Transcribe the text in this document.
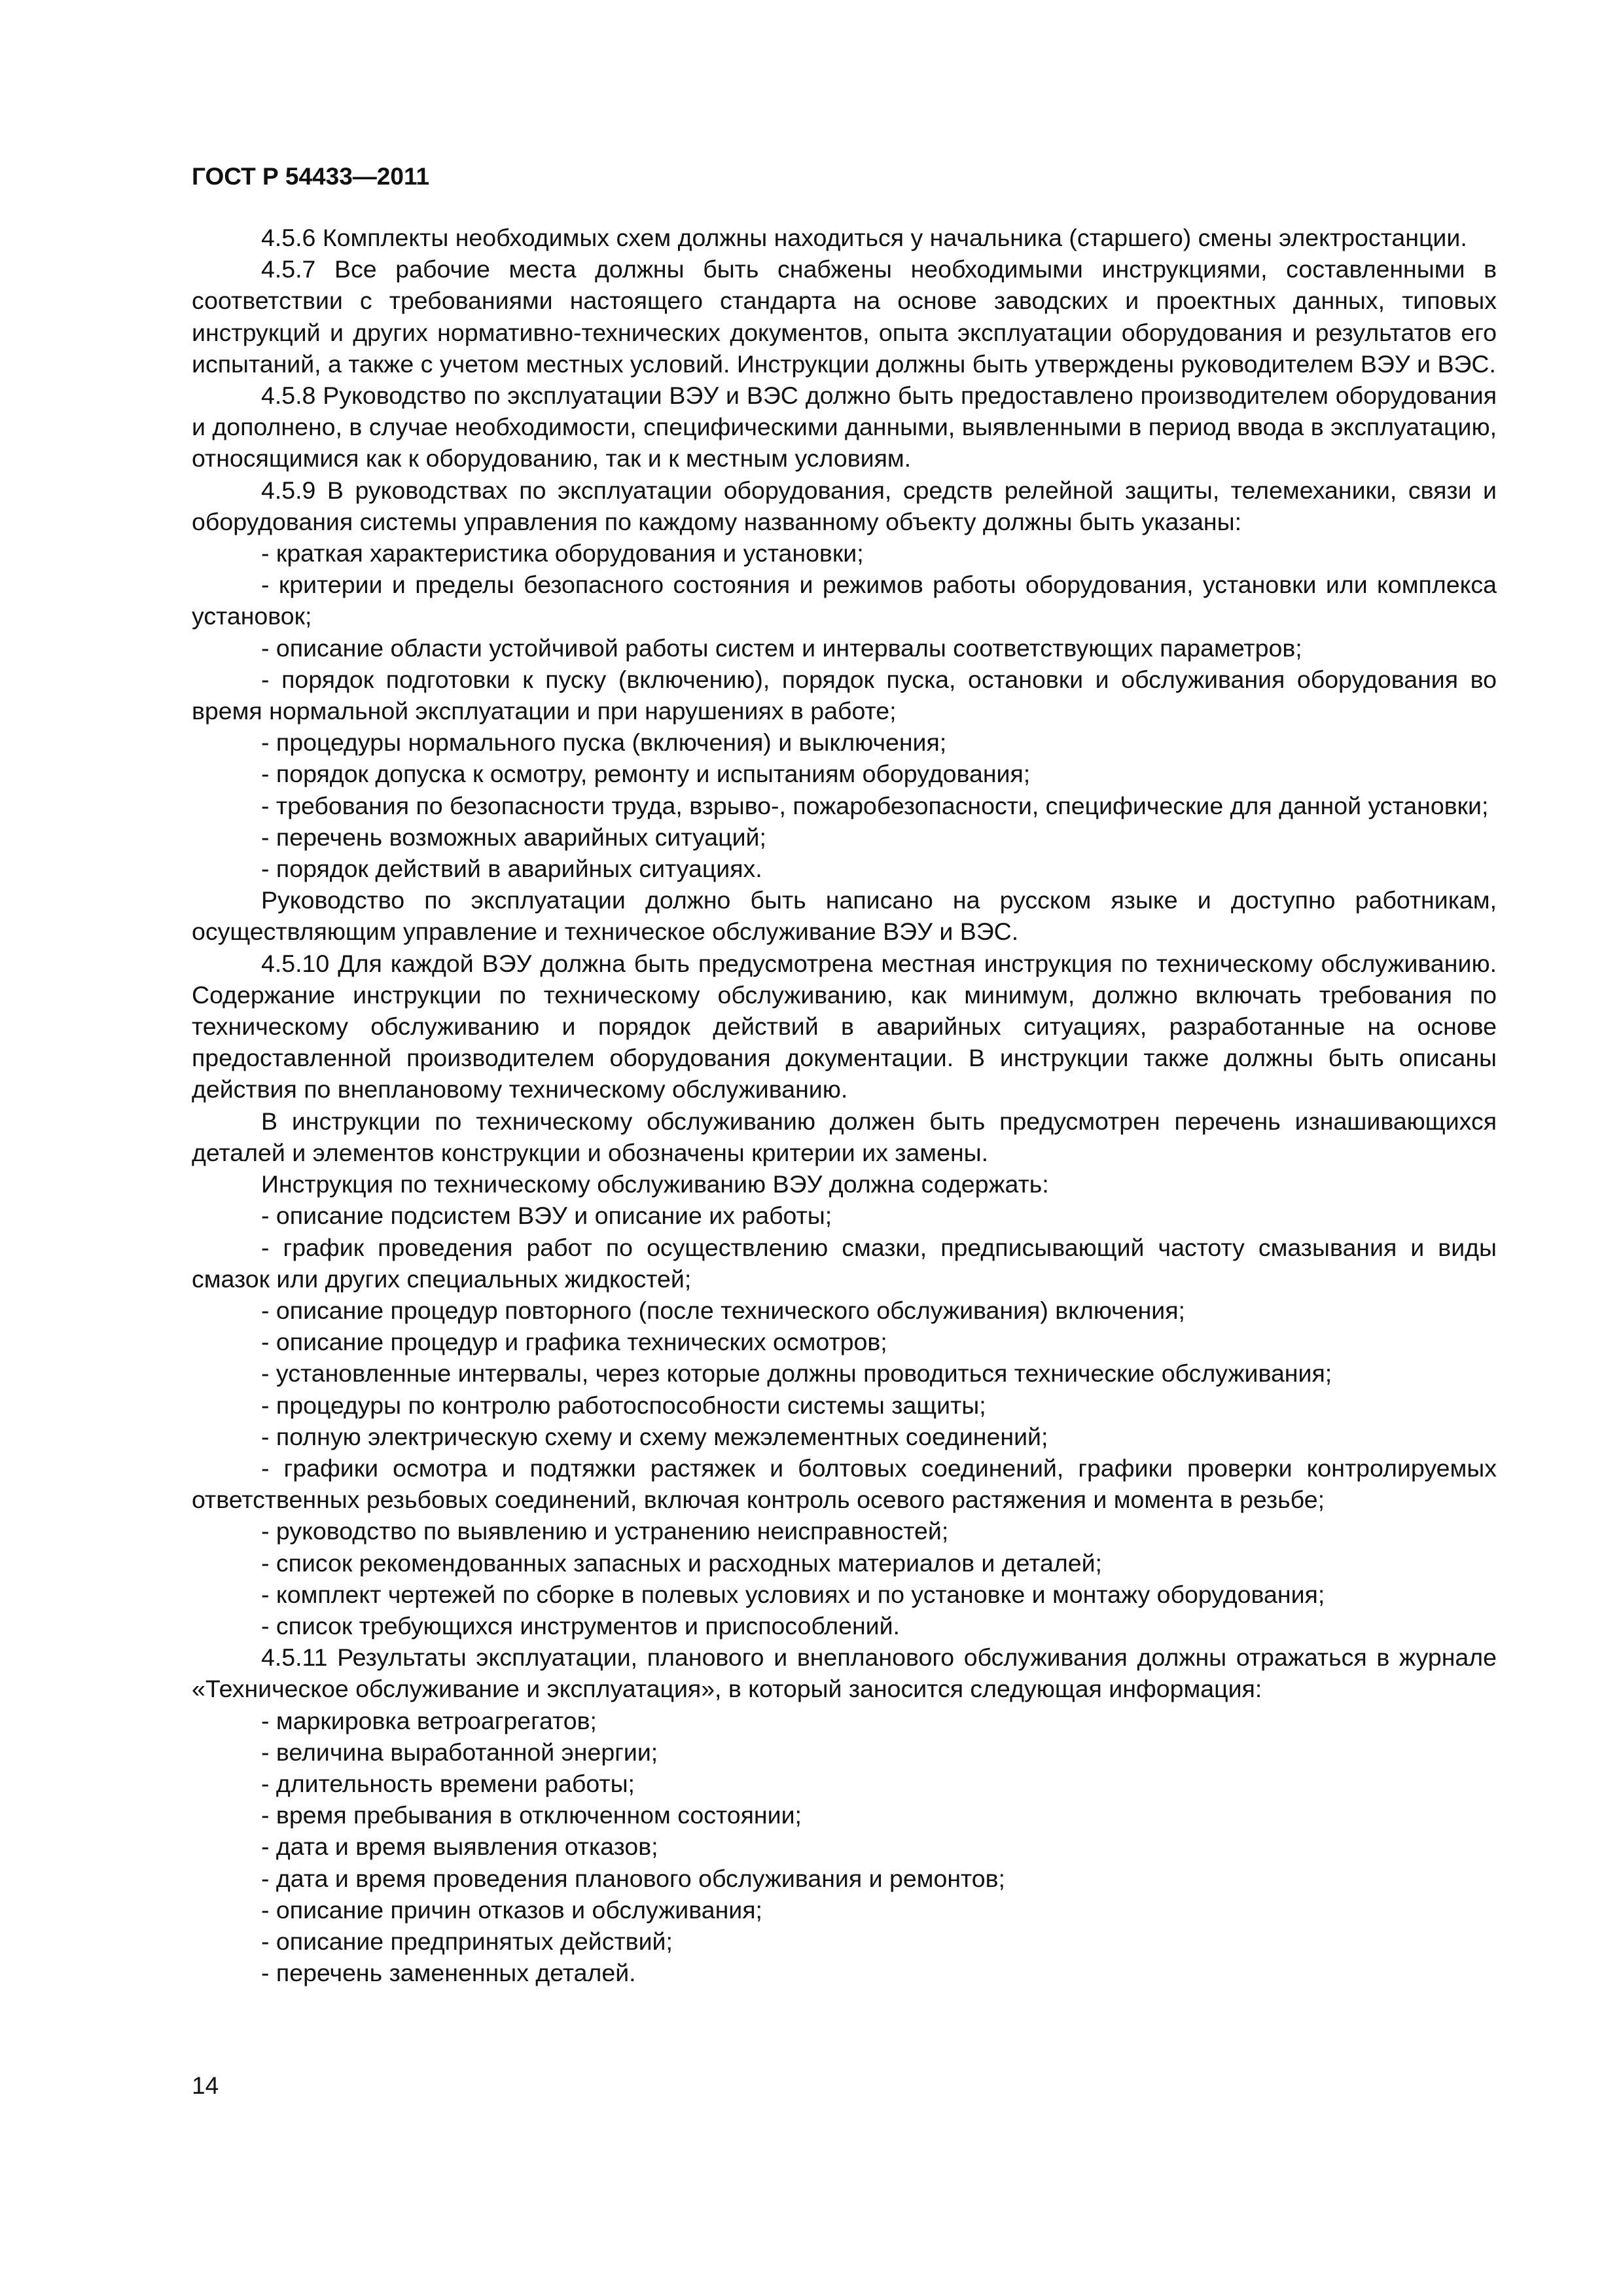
ГОСТ Р 54433—2011

4.5.6 Комплекты необходимых схем должны находиться у начальника (старшего) смены электростанции.

4.5.7 Все рабочие места должны быть снабжены необходимыми инструкциями, составленными в соответствии с требованиями настоящего стандарта на основе заводских и проектных данных, типовых инструкций и других нормативно-технических документов, опыта эксплуатации оборудования и результатов его испытаний, а также с учетом местных условий. Инструкции должны быть утверждены руководителем ВЭУ и ВЭС.

4.5.8 Руководство по эксплуатации ВЭУ и ВЭС должно быть предоставлено производителем оборудования и дополнено, в случае необходимости, специфическими данными, выявленными в период ввода в эксплуатацию, относящимися как к оборудованию, так и к местным условиям.

4.5.9 В руководствах по эксплуатации оборудования, средств релейной защиты, телемеханики, связи и оборудования системы управления по каждому названному объекту должны быть указаны:

- краткая характеристика оборудования и установки;

- критерии и пределы безопасного состояния и режимов работы оборудования, установки или комплекса установок;

- описание области устойчивой работы систем и интервалы соответствующих параметров;

- порядок подготовки к пуску (включению), порядок пуска, остановки и обслуживания оборудования во время нормальной эксплуатации и при нарушениях в работе;

- процедуры нормального пуска (включения) и выключения;

- порядок допуска к осмотру, ремонту и испытаниям оборудования;

- требования по безопасности труда, взрыво-, пожаробезопасности, специфические для данной установки;

- перечень возможных аварийных ситуаций;

- порядок действий в аварийных ситуациях.

Руководство по эксплуатации должно быть написано на русском языке и доступно работникам, осуществляющим управление и техническое обслуживание ВЭУ и ВЭС.

4.5.10 Для каждой ВЭУ должна быть предусмотрена местная инструкция по техническому обслуживанию. Содержание инструкции по техническому обслуживанию, как минимум, должно включать требования по техническому обслуживанию и порядок действий в аварийных ситуациях, разработанные на основе предоставленной производителем оборудования документации. В инструкции также должны быть описаны действия по внеплановому техническому обслуживанию.

В инструкции по техническому обслуживанию должен быть предусмотрен перечень изнашивающихся деталей и элементов конструкции и обозначены критерии их замены.

Инструкция по техническому обслуживанию ВЭУ должна содержать:

- описание подсистем ВЭУ и описание их работы;

- график проведения работ по осуществлению смазки, предписывающий частоту смазывания и виды смазок или других специальных жидкостей;

- описание процедур повторного (после технического обслуживания) включения;

- описание процедур и графика технических осмотров;

- установленные интервалы, через которые должны проводиться технические обслуживания;

- процедуры по контролю работоспособности системы защиты;

- полную электрическую схему и схему межэлементных соединений;

- графики осмотра и подтяжки растяжек и болтовых соединений, графики проверки контролируемых ответственных резьбовых соединений, включая контроль осевого растяжения и момента в резьбе;

- руководство по выявлению и устранению неисправностей;

- список рекомендованных запасных и расходных материалов и деталей;

- комплект чертежей по сборке в полевых условиях и по установке и монтажу оборудования;

- список требующихся инструментов и приспособлений.

4.5.11 Результаты эксплуатации, планового и внепланового обслуживания должны отражаться в журнале «Техническое обслуживание и эксплуатация», в который заносится следующая информация:

- маркировка ветроагрегатов;

- величина выработанной энергии;

- длительность времени работы;

- время пребывания в отключенном состоянии;

- дата и время выявления отказов;

- дата и время проведения планового обслуживания и ремонтов;

- описание причин отказов и обслуживания;

- описание предпринятых действий;

- перечень замененных деталей.

14
